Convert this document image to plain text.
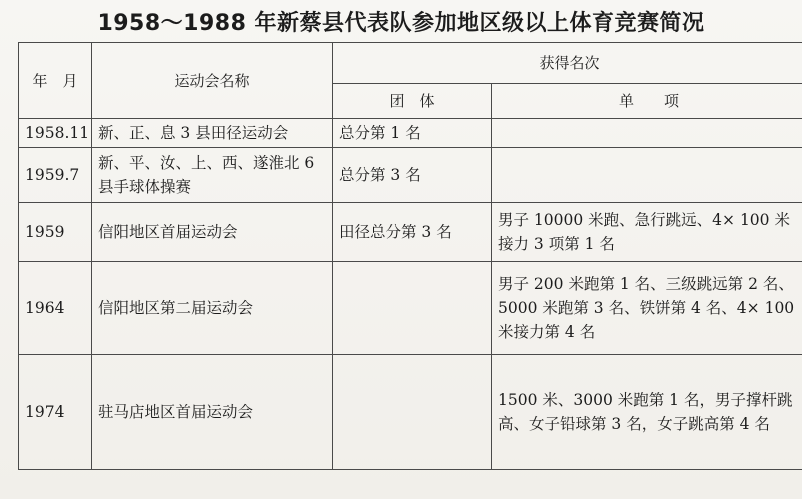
1958～1988 年新蔡县代表队参加地区级以上体育竞赛简况
年　月	运动会名称	获得名次	
		团　体	单　　项
1958.11	新、正、息 3 县田径运动会	总分第 1 名	
1959.7	新、平、汝、上、西、遂淮北 6 县手球体操赛	总分第 3 名	
1959	信阳地区首届运动会	田径总分第 3 名	男子 10000 米跑、急行跳远、4× 100 米接力 3 项第 1 名
1964	信阳地区第二届运动会		男子 200 米跑第 1 名、三级跳远第 2 名、5000 米跑第 3 名、铁饼第 4 名、4× 100 米接力第 4 名
1974	驻马店地区首届运动会		1500 米、3000 米跑第 1 名，男子撑杆跳高、女子铅球第 3 名，女子跳高第 4 名
